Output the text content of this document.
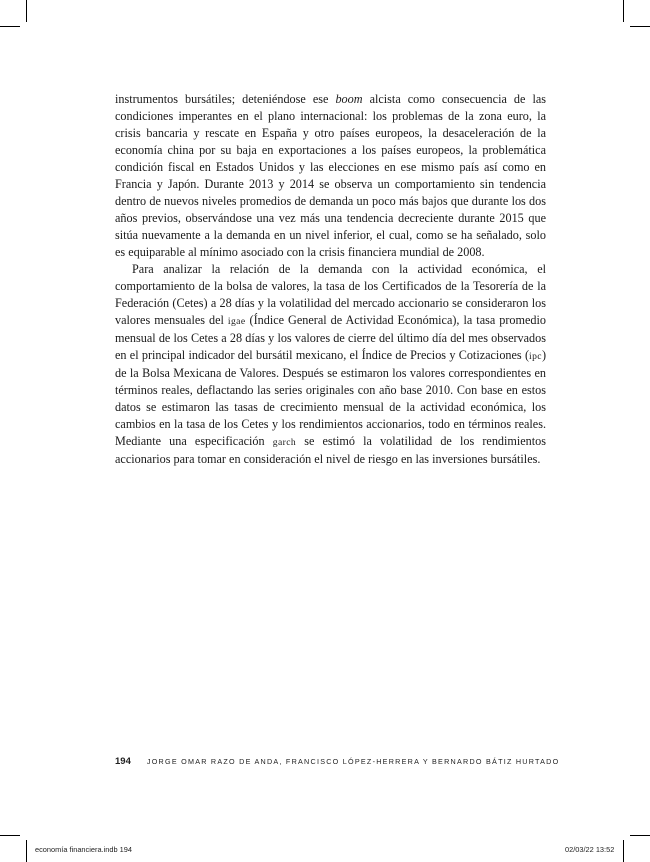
instrumentos bursátiles; deteniéndose ese boom alcista como consecuencia de las condiciones imperantes en el plano internacional: los problemas de la zona euro, la crisis bancaria y rescate en España y otro países europeos, la desaceleración de la economía china por su baja en exportaciones a los países europeos, la problemática condición fiscal en Estados Unidos y las elecciones en ese mismo país así como en Francia y Japón. Durante 2013 y 2014 se observa un comportamiento sin tendencia dentro de nuevos niveles promedios de demanda un poco más bajos que durante los dos años previos, observándose una vez más una tendencia decreciente durante 2015 que sitúa nuevamente a la demanda en un nivel inferior, el cual, como se ha señalado, solo es equiparable al mínimo asociado con la crisis financiera mundial de 2008.

Para analizar la relación de la demanda con la actividad económica, el comportamiento de la bolsa de valores, la tasa de los Certificados de la Tesorería de la Federación (Cetes) a 28 días y la volatilidad del mercado accionario se consideraron los valores mensuales del igae (Índice General de Actividad Económica), la tasa promedio mensual de los Cetes a 28 días y los valores de cierre del último día del mes observados en el principal indicador del bursátil mexicano, el Índice de Precios y Cotizaciones (ipc) de la Bolsa Mexicana de Valores. Después se estimaron los valores correspondientes en términos reales, deflactando las series originales con año base 2010. Con base en estos datos se estimaron las tasas de crecimiento mensual de la actividad económica, los cambios en la tasa de los Cetes y los rendimientos accionarios, todo en términos reales. Mediante una especificación garch se estimó la volatilidad de los rendimientos accionarios para tomar en consideración el nivel de riesgo en las inversiones bursátiles.

194 JORGE OMAR RAZO DE ANDA, FRANCISCO LÓPEZ-HERRERA Y BERNARDO BÁTIZ HURTADO
economía financiera.indb 194	02/03/22 13:52
